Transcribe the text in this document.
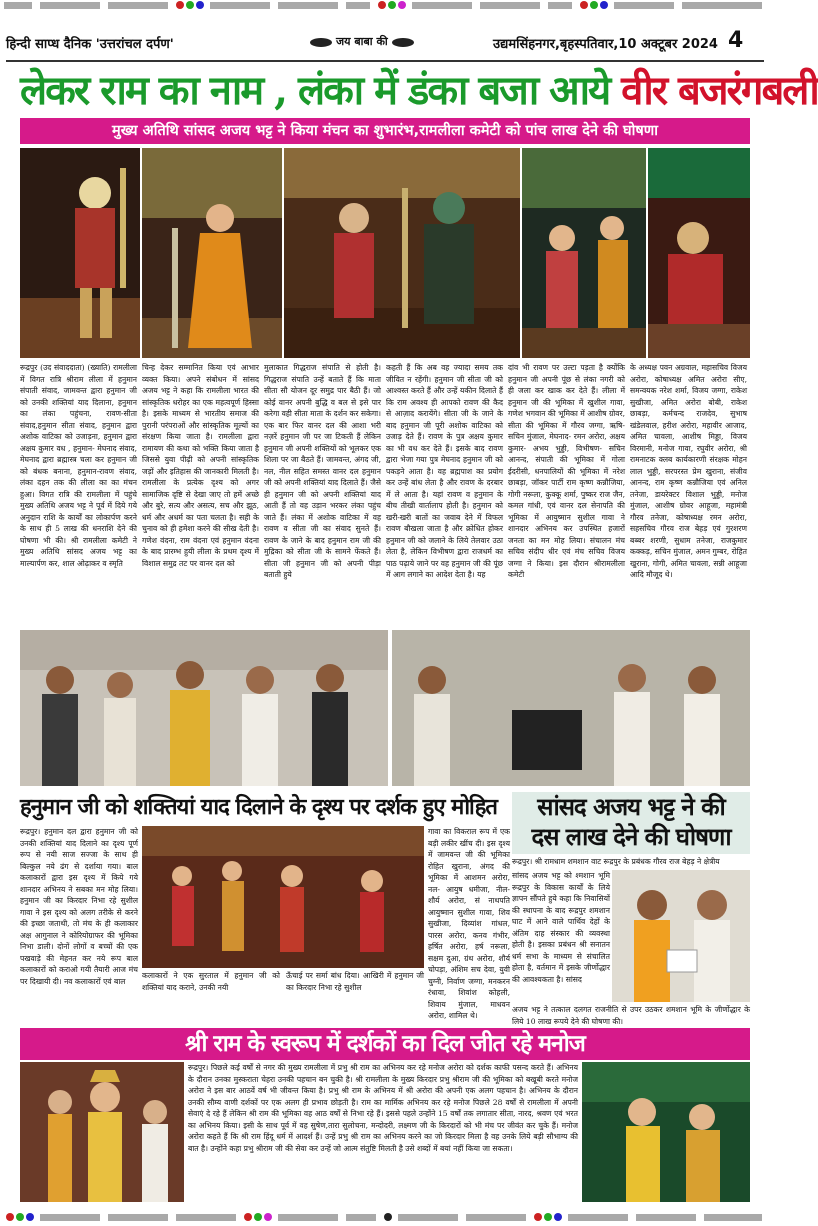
हिन्दी साप्ध दैनिक 'उत्तरांचल दर्पण'	जय बाबा की	उद्यमसिंहनगर,बृहस्पतिवार,10 अक्टूबर 2024 4
लेकर राम का नाम , लंका में डंका बजा आये वीर बजरंगबली
मुख्य अतिथि सांसद अजय भट्ट ने किया मंचन का शुभारंभ,रामलीला कमेटी को पांच लाख देने की घोषणा
रूद्रपुर (उद संवाददाता) (ख्याति) रामलीला में विगत रात्रि श्रीराम लीला में हनुमान संपाती संवाद, जामवन्त द्वारा हनुमान जी को उनकी शक्तियां याद दिलाना, हनुमान का लंका पहुंचना, रावण-सीता संवाद,हनुमान सीता संवाद, हनुमान द्वारा अशोक वाटिका को उजाड़ना, हनुमान द्वारा अक्षय कुमार वध , हनुमान- मेघनाद संवाद, मेघनाद द्वारा ब्रह्मास्त्र चला कर हनुमान जी को बंधक बनाना, हनुमान-रावण संवाद, लंका दहन तक की लीला का का मंचन हुआ। विगत रात्रि की रामलीला में पहुंचे मुख्य अतिथि अजय भट्ट ने पूर्व में दिये गये अनुदान राशि के कार्यों का लोकार्पण करने के साथ ही 5 लाख की धनराशि देने की घोषणा भी की। श्री रामलीला कमेटी ने मुख्य अतिथि सांसद अजय भट्ट का माल्यार्पण कर, शाल ओढ़ाकर व स्मृति
चिन्ह देकर सम्मानित किया एवं आभार व्यक्त किया। अपने संबोधन में सांसद अजय भट्ट ने कहा कि रामलीला भारत की सांस्कृतिक धरोहर का एक महत्वपूर्ण हिस्सा है। इसके माध्यम से भारतीय समाज की पुरानी परंपराओं और सांस्कृतिक मूल्यों का संरक्षण किया जाता है। रामलीला द्वारा रामायण की कथा को भक्ति किया जाता है जिससे युवा पीढ़ी को अपनी सांस्कृतिक जड़ों और इतिहास की जानकारी मिलती है। रामलीला के प्रत्येक दृश्य को अगर सामाजिक दृष्टि से देखा जाए तो हमें अच्छे और बुरे, सत्य और असत्य, सच और झूठ, धर्म और अधर्म का पता चलता है। सही के चुनाव को ही हमेशा करने की सीख देती है। गणेश वंदना, राम वंदना एवं हनुमान वंदना के बाद प्रारम्भ हुयी लीला के प्रथम दृश्य में विशाल समुद्र तट पर वानर दल को
मुलाकात गिद्धराज संपाति से होती है। गिद्धराज संपाति उन्हें बताते हैं कि माता सीता सौ योजन दूर समुद्र पार बैठी हैं। जो कोई वानर अपनी बुद्धि व बल से इसे पार करेगा वही सीता माता के दर्शन कर सकेगा। एक बार फिर वानर दल की आशा भरी नज़रें हनुमान जी पर जा टिकती हैं लेकिन हनुमान जी अपनी शक्तियों को भूलकर एक शिला पर जा बैठते हैं। जामवन्त, अंगद जी, नल, नील सहित समस्त वानर दल हनुमान जी को अपनी शक्तियां याद दिलाते हैं। जैसे ही हनुमान जी को अपनी शक्तियां याद आती हैं तो वह उड़ान भरकर लंका पहुंच जाते हैं। लंका में अशोक वाटिका में वह रावण व सीता जी का संवाद सुनते हैं। रावण के जाने के बाद हनुमान राम जी की मुद्रिका को सीता जी के सामने फेंकते हैं। सीता जी हनुमान जी को अपनी पीड़ा बताती हुये
कहती हैं कि अब वह ज्यादा समय तक जीवित न रहेंगी। हनुमान जी सीता जी को आश्वस्त करते हैं और उन्हें यकीन दिलाते हैं कि राम अवश्य ही आपको रावण की कैद से आज़ाद करायेंगे। सीता जी के जाने के बाद हनुमान जी पूरी अशोक वाटिका को उजाड़ देते हैं। रावण के पुत्र अक्षय कुमार का भी वध कर देते हैं। इसके बाद रावण द्वारा भेजा गया पुत्र मेघनाद हनुमान जी को पकड़ने आता है। वह ब्रह्मपाश का प्रयोग कर उन्हें बांध लेता है और रावण के दरबार में ले आता है। यहां रावण व हनुमान के बीच तीखी वार्तालाप होती है। हनुमान को खरी-खरी बातों का जवाब देने में विफल रावण बौखला जाता है और क्रोधित होकर हनुमान जी को जलाने के लिये तेलवार उठा लेता है, लेकिन विभीषण द्वारा राजधर्म का पाठ पढ़ाये जाने पर वह हनुमान जी की पूंछ में आग लगाने का आदेश देता है। यह
दांव भी रावण पर उल्टा पड़ता है क्योंकि हनुमान जी अपनी पूंछ से लंका नगरी को ही जला कर खाक कर देते हैं। लीला में हनुमान जी की भूमिका में खुशील गावा, गणेश भगवान की भूमिका में आशीष ग्रोवर, सीता की भूमिका में गौरव जग्गा, ऋषि- सचिन मुंजाल, मेघनाद- रमन अरोरा, अक्षय कुमार- अभय भुड्डी, विभीषण- सचिन आनन्द, संपाती की भूमिका में गोला ईदरीसी, धनपालियों की भूमिका में नरेश छाबड़ा, जॉकर पार्टी राम कृष्ण कन्नौजिया, गोगी नरूला, कुक्कू शर्मा, पुष्कर राज जैन, कमल गांधी, एवं वानर दल सेनापति की भूमिका में आयुष्मान सुशील गावा ने शानदार अभिनय कर उपस्थित हजारों जनता का मन मोह लिया। संचालन मंच सचिव संदीप धीर एवं मंच सचिव विजय जग्गा ने किया। इस दौरान श्रीरामलीला कमेटी
के अध्यक्ष पवन अग्रवाल, महासचिव विजय अरोरा, कोषाध्यक्ष अमित अरोरा सीए, समन्वयक नरेश शर्मा, विजय जग्गा, राकेश सुखीजा, अमित अरोरा बोबी, राकेश छाबड़ा, कर्मचन्द राजदेव, सुभाष खंडेलवाल, हरीश अरोरा, महावीर आजाद, अमित चावला, आशीष मिड्डा, विजय विरमानी, मनोज गावा, रघुवीर अरोरा, श्री रामनाटक क्लब कार्यकारणी संरक्षक मोहन लाल भुड्डी, सरपरस्त प्रेम खुराना, संजीव आनन्द, राम कृष्ण कन्नौजिया एवं अनिल तनेजा, डायरेक्टर विशाल भुड्डी, मनोज मुंजाल, आशीष ग्रोवर आहूजा, महामंत्री गौरव तनेजा, कोषाध्यक्ष रमन अरोरा, सहसचिव गौरव राज बेहड़ एवं गुरशरण बब्बर शरणी, सुधाम तनेजा, राजकुमार कक्कड़, सचिन मुंजाल, अमन गुम्बर, रोहित खुराना, गोगी, अमित चावला, सन्नी आहूजा आदि मौजूद थे।
हनुमान जी को शक्तियां याद दिलाने के दृश्य पर दर्शक हुए मोहित
रूद्रपुर। हनुमान दल द्वारा हनुमान जी को उनकी शक्तियां याद दिलाने का दृश्य पूर्ण रूप से नयी साज सज्जा के साथ ही बिल्कुल नये ढंग से दर्शाया गया। बाल कलाकारों द्वारा इस दृश्य में किये गये शानदार अभिनय ने सबका मन मोह लिया। हनुमान जी का किरदार निभा रहे सुशील गावा ने इस दृश्य को अलग तरीके से करने की इच्छा जताथी, तो मंच के ही कलाकार अक्ष आगुनाल ने कोरियोग्राफर की भूमिका निभा डाली। दोनों लोगों व बच्चों की एक पखवाड़े की मेहनत कर नये रूप बाल कलाकारों को कराओ गयी तैयारी आज मंच पर दिखायी दी। नव कलाकारों एवं बाल
गावा का विकराल रूप में एक बड़ी लकीर खींच दी। इस दृश्य में जामवन्त जी की भूमिका रोहित खुराना, अंगद की भूमिका में आशमन अरोरा, नल- आयुष धमीजा, नील- शौर्य अरोरा, सं नाथपति आयुष्मान सुशील गावा, शिव सुखीजा, दिव्यांश गांधल, पारस अरोरा, कनव गंभीर, हर्षित अरोरा, हर्ष नरूला, सक्षम दुआ, ग्रंथ अरोरा, शौर्य चोपड़ा, अंशिम सच देवा, युवी चुग्नी, निर्वाण जग्गा, मनकरन रंधावा, शिवांश कोहली, शिवाय मुंजाल, माधवन अरोरा, शामिल थे।
कलाकारों ने एक सुरताल में हनुमान जी को शक्तियां याद कराने, उनकी नयी
ऊँचाई पर सर्मा बांध दिया। आखिरी में हनुमान जी का किरदार निभा रहे सुशील
सांसद अजय भट्ट ने की
दस लाख देने की घोषणा
रूद्रपुर। श्री रामधाम शमशान वाट रूद्रपुर के प्रबंधक गौरव राज बेहड़ ने क्षेत्रीय
सांसद अजय भट्ट को श्मशान भूमि रूद्रपुर के विकास कार्यों के लिये ज्ञापन सौंपते हुये कहा कि निवासियों की स्थापना के बाद रूद्रपुर शमशान घाट में आने वाले पार्थिव देहों के अंतिम दाह संस्कार की व्यवस्था होती है। इसका प्रबंधन श्री सनातन धर्म सभा के माध्यम से संचालित होता है, वर्तमान में इसके जीर्णोद्धार की आवश्यकता है। सांसद
अजय भट्ट ने तत्काल दलगत राजनीति से उपर उठकर शमशान भूमि के जीर्णोद्धार के लिये 10 लाख रूपये देने की घोषणा की।
श्री राम के स्वरूप में दर्शकों का दिल जीत रहे मनोज
रूद्रपुर। पिछले कई वर्षों से नगर की मुख्य रामलीला में प्रभु श्री राम का अभिनय कर रहे मनोज अरोरा को दर्शक काफी पसन्द करते हैं। अभिनय के दौरान उनका मुस्कराता चेहरा उनकी पहचान बन चुकी है। श्री रामलीला के मुख्य किरदार प्रभु श्रीराम जी की भूमिका को बखूबी करते मनोज अरोरा ने इस बार आठवें वर्ष भी जीवन्त किया है। प्रभु श्री राम के अभिनय में श्री अरोरा की अपनी एक अलग पहचान है। अभिनय के दौरान उनकी सौम्य वाणी दर्शकों पर एक अलग ही प्रभाव छोड़ती है। राम का मार्मिक अभिनय कर रहे मनोज पिछले 28 वर्षों से रामलीला में अपनी सेवाएं दे रहे हैं लेकिन श्री राम की भूमिका वह आठ वर्षों से निभा रहे हैं। इससे पहले उन्होंने 15 वर्षों तक लगातार सीता, नारद, श्रवण एवं भरत का अभिनय किया। इसी के साथ पूर्व में वह सुषेण,तारा सुलोचना, मन्दोदरी, लक्ष्मण जी के किरदारों को भी मंच पर जीवंत कर चुके हैं। मनोज अरोरा कहते हैं कि श्री राम हिंदू धर्म में आदर्श हैं। उन्हें प्रभु श्री राम का अभिनय करने का जो किरदार मिला है वह उनके लिये बड़ी सौभाग्य की बात है। उन्होंने कहा प्रभु श्रीराम जी की सेवा कर उन्हें जो आत्म संतुष्टि मिलती है उसे शब्दों में बयां नहीं किया जा सकता।
